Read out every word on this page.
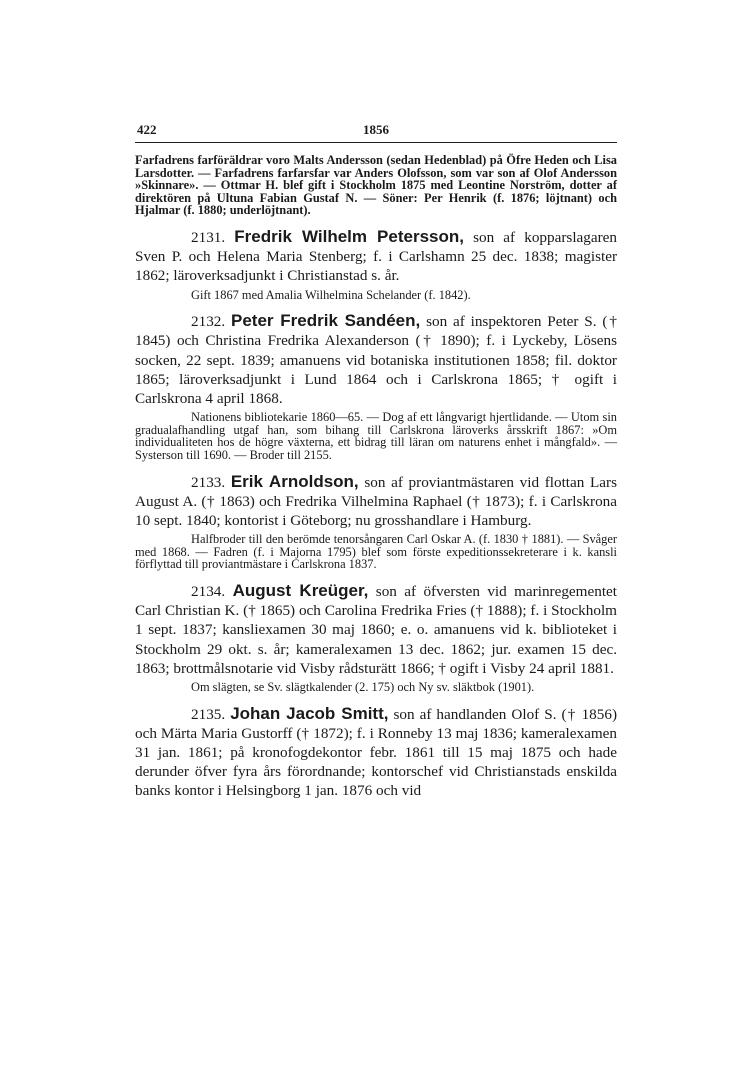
422	1856

Farfadrens farföräldrar voro Malts Andersson (sedan Hedenblad) på Öfre Heden och Lisa Larsdotter. — Farfadrens farfarsfar var Anders Olofsson, som var son af Olof Andersson »Skinnare». — Ottmar H. blef gift i Stockholm 1875 med Leontine Norström, dotter af direktören på Ultuna Fabian Gustaf N. — Söner: Per Henrik (f. 1876; löjtnant) och Hjalmar (f. 1880; underlöjtnant).

2131. Fredrik Wilhelm Petersson, son af kopparslagaren Sven P. och Helena Maria Stenberg; f. i Carlshamn 25 dec. 1838; magister 1862; läroverksadjunkt i Christianstad s. år.

Gift 1867 med Amalia Wilhelmina Schelander (f. 1842).

2132. Peter Fredrik Sandéen, son af inspektoren Peter S. († 1845) och Christina Fredrika Alexanderson († 1890); f. i Lyckeby, Lösens socken, 22 sept. 1839; amanuens vid botaniska institutionen 1858; fil. doktor 1865; läroverksadjunkt i Lund 1864 och i Carlskrona 1865; † ogift i Carlskrona 4 april 1868.

Nationens bibliotekarie 1860—65. — Dog af ett långvarigt hjertlidande. — Utom sin gradualafhandling utgaf han, som bihang till Carlskrona läroverks årsskrift 1867: »Om individualiteten hos de högre växterna, ett bidrag till läran om naturens enhet i mångfald». — Systerson till 1690. — Broder till 2155.

2133. Erik Arnoldson, son af proviantmästaren vid flottan Lars August A. († 1863) och Fredrika Vilhelmina Raphael († 1873); f. i Carlskrona 10 sept. 1840; kontorist i Göteborg; nu grosshandlare i Hamburg.

Halfbroder till den berömde tenorsångaren Carl Oskar A. (f. 1830 † 1881). — Svåger med 1868. — Fadren (f. i Majorna 1795) blef som förste expeditionssekreterare i k. kansli förflyttad till proviantmästare i Carlskrona 1837.

2134. August Kreüger, son af öfversten vid marinregementet Carl Christian K. († 1865) och Carolina Fredrika Fries († 1888); f. i Stockholm 1 sept. 1837; kansliexamen 30 maj 1860; e. o. amanuens vid k. biblioteket i Stockholm 29 okt. s. år; kameralexamen 13 dec. 1862; jur. examen 15 dec. 1863; brottmålsnotarie vid Visby rådsturätt 1866; † ogift i Visby 24 april 1881.

Om slägten, se Sv. slägtkalender (2. 175) och Ny sv. släktbok (1901).

2135. Johan Jacob Smitt, son af handlanden Olof S. († 1856) och Märta Maria Gustorff († 1872); f. i Ronneby 13 maj 1836; kameralexamen 31 jan. 1861; på kronofogdekontor febr. 1861 till 15 maj 1875 och hade derunder öfver fyra års förordnande; kontorschef vid Christianstads enskilda banks kontor i Helsingborg 1 jan. 1876 och vid
